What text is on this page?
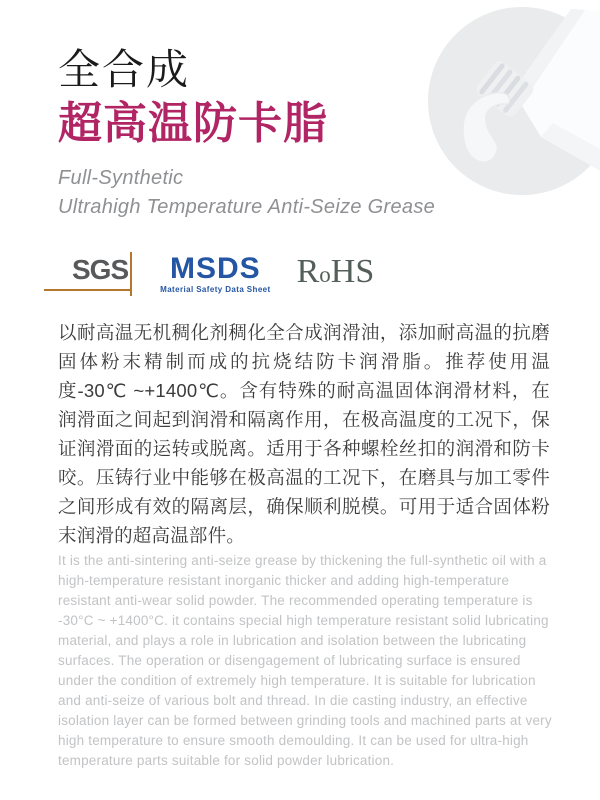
全合成
超高温防卡脂
Full-Synthetic
Ultrahigh Temperature Anti-Seize Grease
SGS	MSDS
Material Safety Data Sheet RoHS
以耐高温无机稠化剂稠化全合成润滑油，添加耐高温的抗磨固体粉末精制而成的抗烧结防卡润滑脂。推荐使用温度-30℃ ~+1400℃。含有特殊的耐高温固体润滑材料，在润滑面之间起到润滑和隔离作用，在极高温度的工况下，保证润滑面的运转或脱离。适用于各种螺栓丝扣的润滑和防卡咬。压铸行业中能够在极高温的工况下，在磨具与加工零件之间形成有效的隔离层，确保顺利脱模。可用于适合固体粉末润滑的超高温部件。
It is the anti-sintering anti-seize grease by thickening the full-synthetic oil with a high-temperature resistant inorganic thicker and adding high-temperature resistant anti-wear solid powder. The recommended operating temperature is -30°C ~ +1400°C. it contains special high temperature resistant solid lubricating material, and plays a role in lubrication and isolation between the lubricating surfaces. The operation or disengagement of lubricating surface is ensured under the condition of extremely high temperature. It is suitable for lubrication and anti-seize of various bolt and thread. In die casting industry, an effective isolation layer can be formed between grinding tools and machined parts at very high temperature to ensure smooth demoulding. It can be used for ultra-high temperature parts suitable for solid powder lubrication.
